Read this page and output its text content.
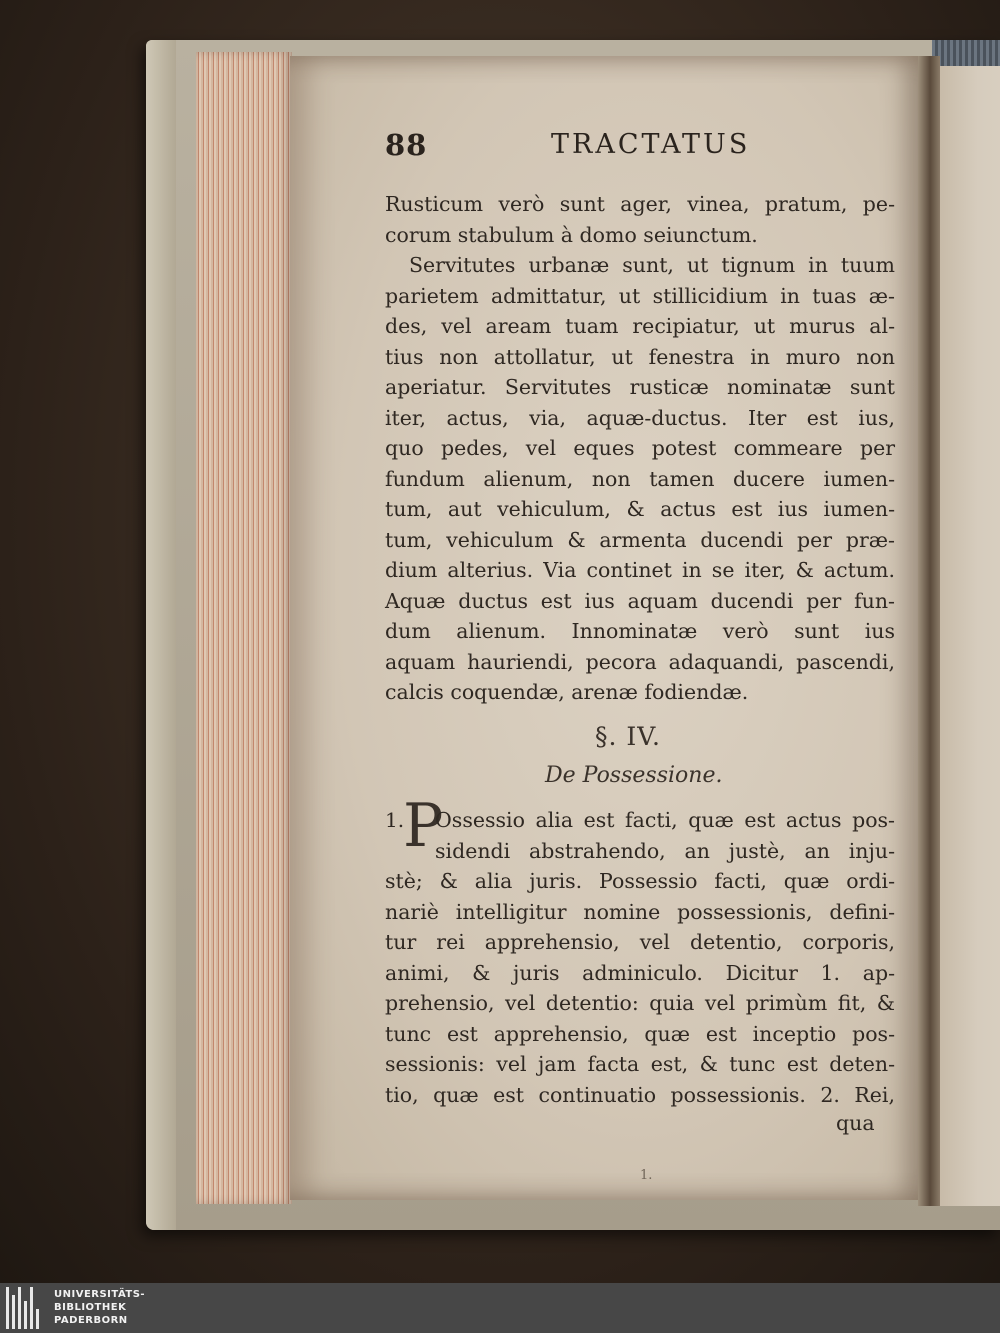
88	TRACTATUS
Rusticum verò sunt ager, vinea, pratum, pe-
corum stabulum à domo seiunctum.
Servitutes urbanæ sunt, ut tignum in tuum
parietem admittatur, ut stillicidium in tuas æ-
des, vel aream tuam recipiatur, ut murus al-
tius non attollatur, ut fenestra in muro non
aperiatur. Servitutes rusticæ nominatæ sunt
iter, actus, via, aquæ-ductus. Iter est ius,
quo pedes, vel eques potest commeare per
fundum alienum, non tamen ducere iumen-
tum, aut vehiculum, & actus est ius iumen-
tum, vehiculum & armenta ducendi per præ-
dium alterius. Via continet in se iter, & actum.
Aquæ ductus est ius aquam ducendi per fun-
dum alienum. Innominatæ verò sunt ius
aquam hauriendi, pecora adaquandi, pascendi,
calcis coquendæ, arenæ fodiendæ.
§. IV.
De Possessione.
1.
P
Ossessio alia est facti, quæ est actus pos-
sidendi abstrahendo, an justè, an inju-
stè; & alia juris. Possessio facti, quæ ordi-
nariè intelligitur nomine possessionis, defini-
tur rei apprehensio, vel detentio, corporis,
animi, & juris adminiculo. Dicitur 1. ap-
prehensio, vel detentio: quia vel primùm fit, &
tunc est apprehensio, quæ est inceptio pos-
sessionis: vel jam facta est, & tunc est deten-
tio, quæ est continuatio possessionis. 2. Rei,
qua
1.
UNIVERSITÄTS-
BIBLIOTHEK
PADERBORN
